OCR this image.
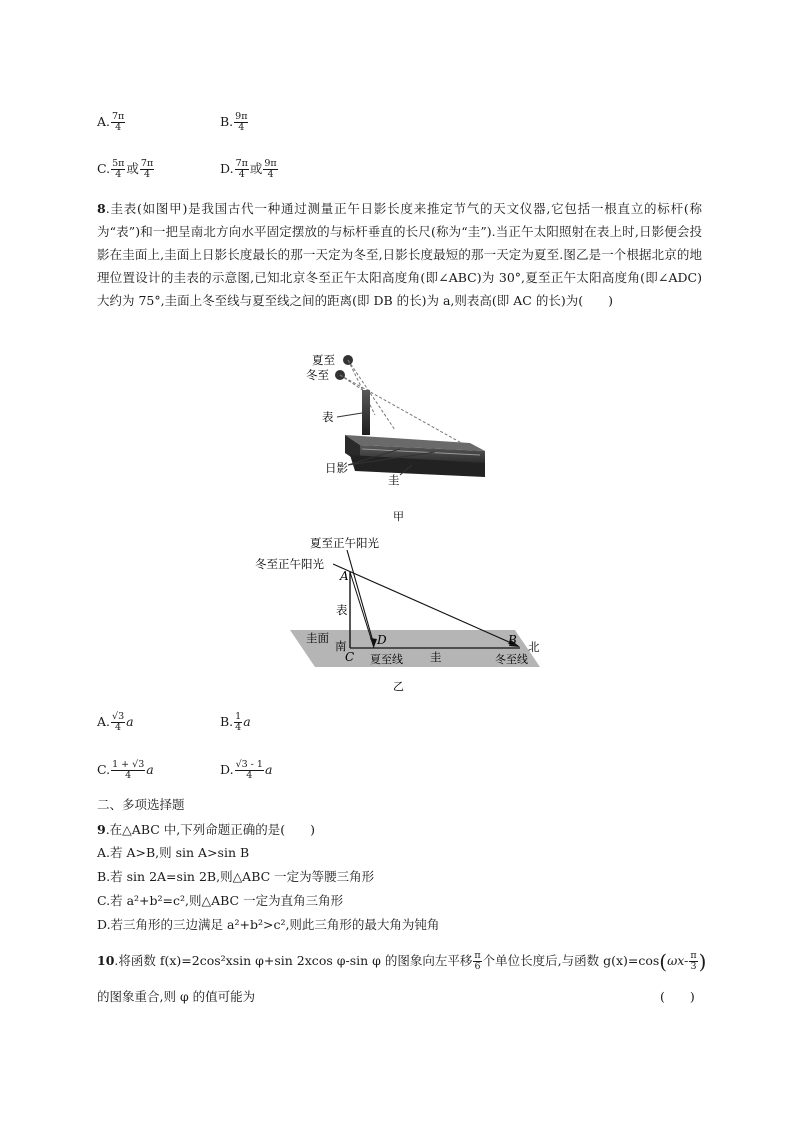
A. $\frac{7\pi}{4}$	B. $\frac{9\pi}{4}$
C. $\frac{5\pi}{4}$ 或 $\frac{7\pi}{4}$	D. $\frac{7\pi}{4}$ 或 $\frac{9\pi}{4}$
8.圭表(如图甲)是我国古代一种通过测量正午日影长度来推定节气的天文仪器,它包括一根直立的标杆(称为“表”)和一把呈南北方向水平固定摆放的与标杆垂直的长尺(称为“圭”).当正午太阳照射在表上时,日影便会投影在圭面上,圭面上日影长度最长的那一天定为冬至,日影长度最短的那一天定为夏至.图乙是一个根据北京的地理位置设计的圭表的示意图,已知北京冬至正午太阳高度角(即∠ABC)为 30°,夏至正午太阳高度角(即∠ADC)大约为 75°,圭面上冬至线与夏至线之间的距离(即 DB 的长)为 a,则表高(即 AC 的长)为(　　)
夏至
冬至
表
日影
圭
甲
夏至正午阳光
冬至正午阳光
A
表
圭面
南
C
D	B 北
夏至线 圭	冬至线
乙
A. $\frac{√3}{4}$ a	B. $\frac{1}{4}$ a
C. $\frac{1 + √3}{4}$ a	D. $\frac{√3 - 1}{4}$ a
二、多项选择题
9.在△ABC 中,下列命题正确的是(　　)
A.若 A>B,则 sin A>sin B
B.若 sin 2A=sin 2B,则△ABC 一定为等腰三角形
C.若 a²+b²=c²,则△ABC 一定为直角三角形
D.若三角形的三边满足 a²+b²>c²,则此三角形的最大角为钝角
10.将函数 f(x)=2cos²xsin φ+sin 2xcos φ-sin φ 的图象向左平移 $\frac{\pi}{6}$ 个单位长度后,与函数 $g(x)=\cos(\omega x- \frac{\pi}{3}$ )
的图象重合,则 φ 的值可能为	(　　)
